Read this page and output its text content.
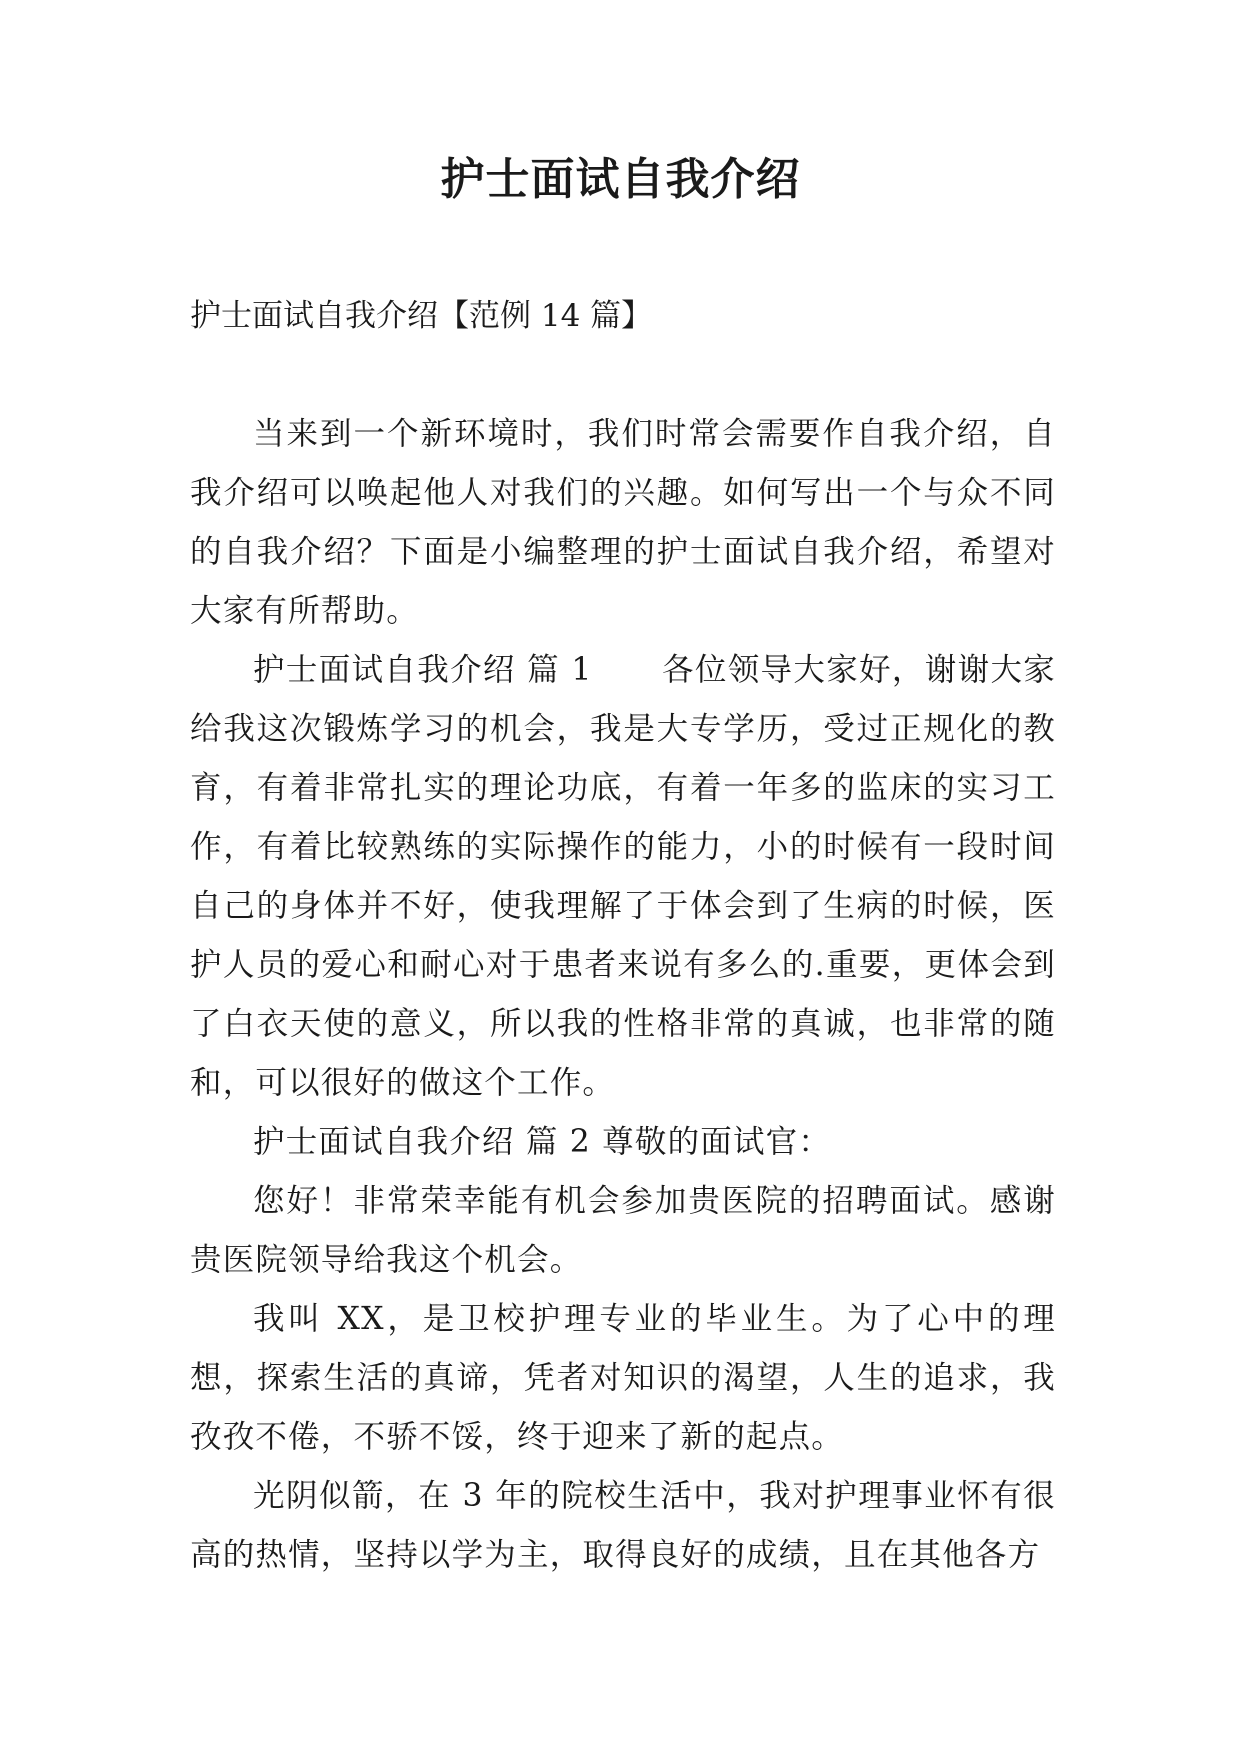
护士面试自我介绍

护士面试自我介绍【范例 14 篇】

当来到一个新环境时，我们时常会需要作自我介绍，自我介绍可以唤起他人对我们的兴趣。如何写出一个与众不同的自我介绍？下面是小编整理的护士面试自我介绍，希望对大家有所帮助。

护士面试自我介绍 篇 1 各位领导大家好，谢谢大家给我这次锻炼学习的机会，我是大专学历，受过正规化的教育，有着非常扎实的理论功底，有着一年多的监床的实习工作，有着比较熟练的实际操作的能力，小的时候有一段时间自己的身体并不好，使我理解了于体会到了生病的时候，医护人员的爱心和耐心对于患者来说有多么的.重要，更体会到了白衣天使的意义，所以我的性格非常的真诚，也非常的随和，可以很好的做这个工作。

护士面试自我介绍 篇 2 尊敬的面试官：

您好！非常荣幸能有机会参加贵医院的招聘面试。感谢贵医院领导给我这个机会。

我叫 XX，是卫校护理专业的毕业生。为了心中的理想，探索生活的真谛，凭者对知识的渴望，人生的追求，我孜孜不倦，不骄不馁，终于迎来了新的起点。

光阴似箭，在 3 年的院校生活中，我对护理事业怀有很高的热情，坚持以学为主，取得良好的成绩，且在其他各方
